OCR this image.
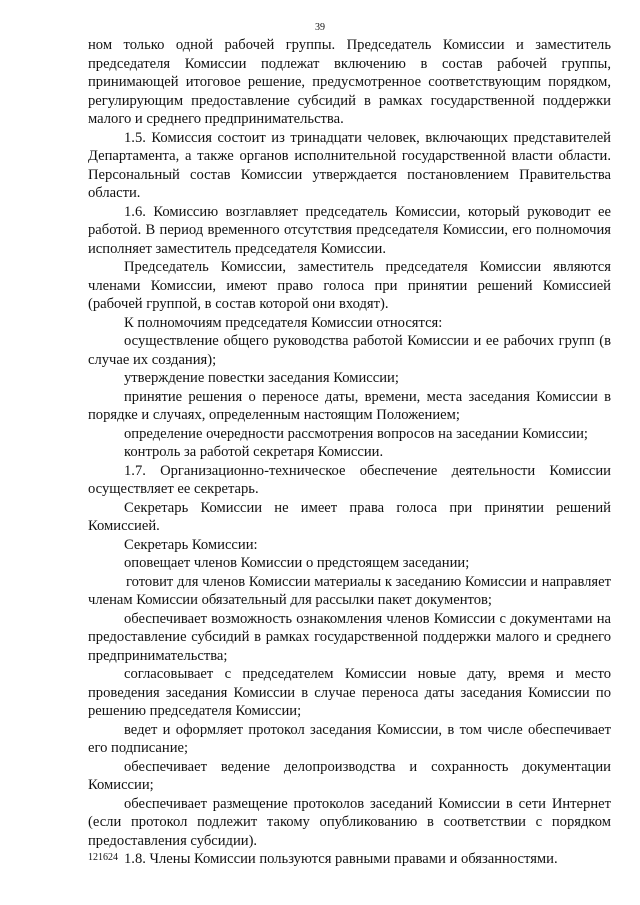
39

ном только одной рабочей группы. Председатель Комиссии и заместитель председателя Комиссии подлежат включению в состав рабочей группы, принимающей итоговое решение, предусмотренное соответствующим порядком, регулирующим предоставление субсидий в рамках государственной поддержки малого и среднего предпринимательства.

1.5. Комиссия состоит из тринадцати человек, включающих представителей Департамента, а также органов исполнительной государственной власти области. Персональный состав Комиссии утверждается постановлением Правительства области.

1.6. Комиссию возглавляет председатель Комиссии, который руководит ее работой. В период временного отсутствия председателя Комиссии, его полномочия исполняет заместитель председателя Комиссии.

Председатель Комиссии, заместитель председателя Комиссии являются членами Комиссии, имеют право голоса при принятии решений Комиссией (рабочей группой, в состав которой они входят).

К полномочиям председателя Комиссии относятся:

осуществление общего руководства работой Комиссии и ее рабочих групп (в случае их создания);

утверждение повестки заседания Комиссии;

принятие решения о переносе даты, времени, места заседания Комиссии в порядке и случаях, определенным настоящим Положением;

определение очередности рассмотрения вопросов на заседании Комиссии;

контроль за работой секретаря Комиссии.

1.7. Организационно-техническое обеспечение деятельности Комиссии осуществляет ее секретарь.

Секретарь Комиссии не имеет права голоса при принятии решений Комиссией.

Секретарь Комиссии:

оповещает членов Комиссии о предстоящем заседании;

готовит для членов Комиссии материалы к заседанию Комиссии и направляет членам Комиссии обязательный для рассылки пакет документов;

обеспечивает возможность ознакомления членов Комиссии с документами на предоставление субсидий в рамках государственной поддержки малого и среднего предпринимательства;

согласовывает с председателем Комиссии новые дату, время и место проведения заседания Комиссии в случае переноса даты заседания Комиссии по решению председателя Комиссии;

ведет и оформляет протокол заседания Комиссии, в том числе обеспечивает его подписание;

обеспечивает ведение делопроизводства и сохранность документации Комиссии;

обеспечивает размещение протоколов заседаний Комиссии в сети Интернет (если протокол подлежит такому опубликованию в соответствии с порядком предоставления субсидии).

1.8. Члены Комиссии пользуются равными правами и обязанностями.

121624
